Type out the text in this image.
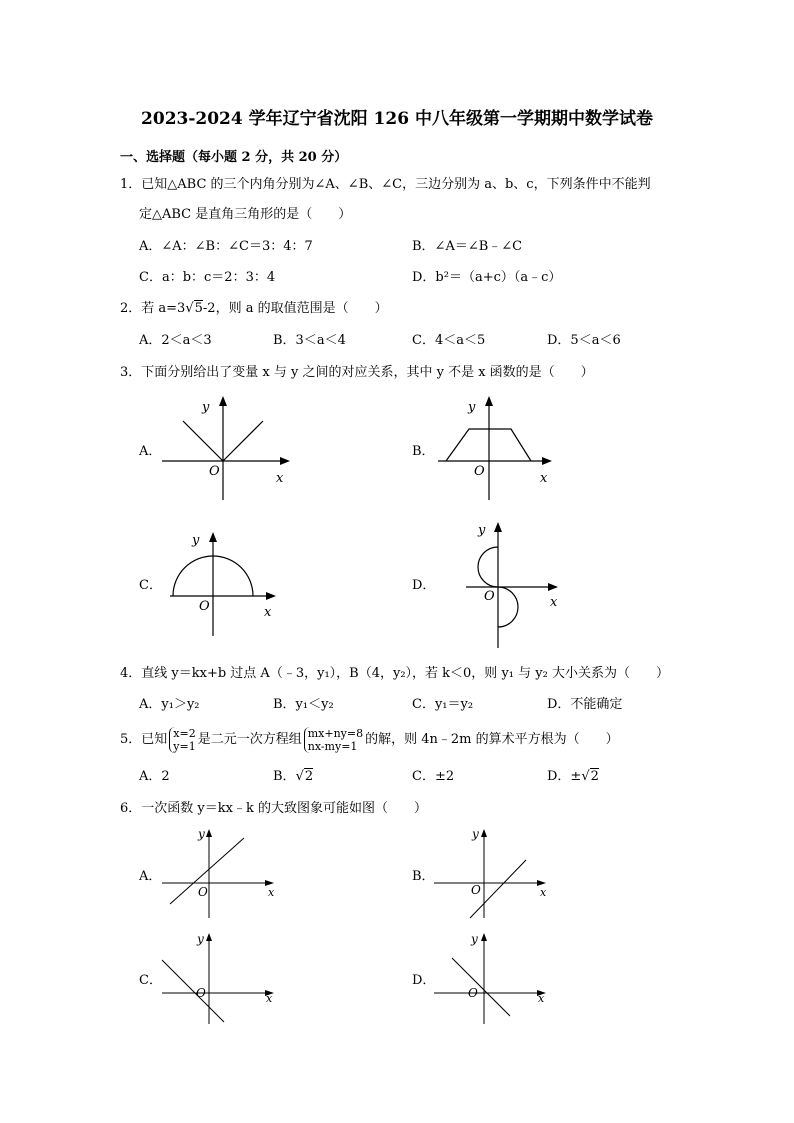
2023-2024 学年辽宁省沈阳 126 中八年级第一学期期中数学试卷
一、选择题（每小题 2 分，共 20 分）
1．已知△ABC 的三个内角分别为∠A、∠B、∠C，三边分别为 a、b、c，下列条件中不能判
定△ABC 是直角三角形的是（　　）
A．∠A：∠B：∠C＝3：4：7	B．∠A＝∠B﹣∠C
C．a：b：c＝2：3：4	D．b²＝（a+c）（a﹣c）
2．若 a=3√5-2，则 a 的取值范围是（　　）
A．2＜a＜3	B．3＜a＜4	C．4＜a＜5	D．5＜a＜6
3．下面分别给出了变量 x 与 y 之间的对应关系，其中 y 不是 x 函数的是（　　）
A．	B．
C．	D．
y
x
O
y
x
O
y
x
O
y
x
O
4．直线 y＝kx+b 过点 A（﹣3，y₁），B（4，y₂），若 k＜0，则 y₁ 与 y₂ 大小关系为（　　）
A．y₁＞y₂	B．y₁＜y₂	C．y₁＝y₂	D．不能确定
5．已知 x=2
y=1 是二元一次方程组 mx+ny=8
nx-my=1 的解，则 4n﹣2m 的算术平方根为（　　）
A．2	B．√2	C．±2	D．±√2
6．一次函数 y＝kx﹣k 的大致图象可能如图（　　）
A．	B．
C．	D．
y
x
O
y
x
O
y
x
O
y
x
O
